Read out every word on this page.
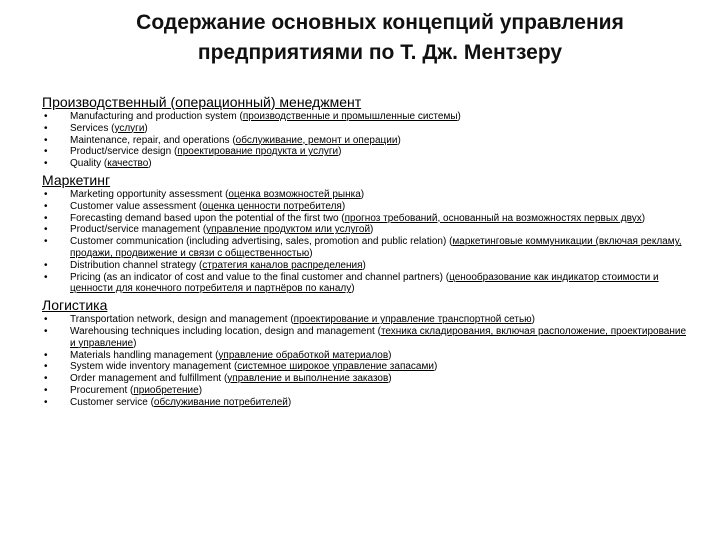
Содержание основных концепций управления
предприятиями по Т. Дж. Ментзеру
Производственный (операционный) менеджмент
• Manufacturing and production system (производственные и промышленные системы)
• Services (услуги)
• Maintenance, repair, and operations (обслуживание, ремонт и операции)
• Product/service design (проектирование продукта и услуги)
• Quality (качество)
Маркетинг
• Marketing opportunity assessment (оценка возможностей рынка)
• Customer value assessment (оценка ценности потребителя)
• Forecasting demand based upon the potential of the first two (прогноз требований, основанный на возможностях первых двух)
• Product/service management (управление продуктом или услугой)
• Customer communication (including advertising, sales, promotion and public relation) (маркетинговые коммуникации (включая рекламу, продажи, продвижение и связи с общественностью)
• Distribution channel strategy (стратегия каналов распределения)
• Pricing (as an indicator of cost and value to the final customer and channel partners) (ценообразование как индикатор стоимости и ценности для конечного потребителя и партнёров по каналу)
Логистика
• Transportation network, design and management (проектирование и управление транспортной сетью)
• Warehousing techniques including location, design and management (техника складирования, включая расположение, проектирование и управление)
• Materials handling management (управление обработкой материалов)
• System wide inventory management (системное широкое управление запасами)
• Order management and fulfillment (управление и выполнение заказов)
• Procurement (приобретение)
• Customer service (обслуживание потребителей)
